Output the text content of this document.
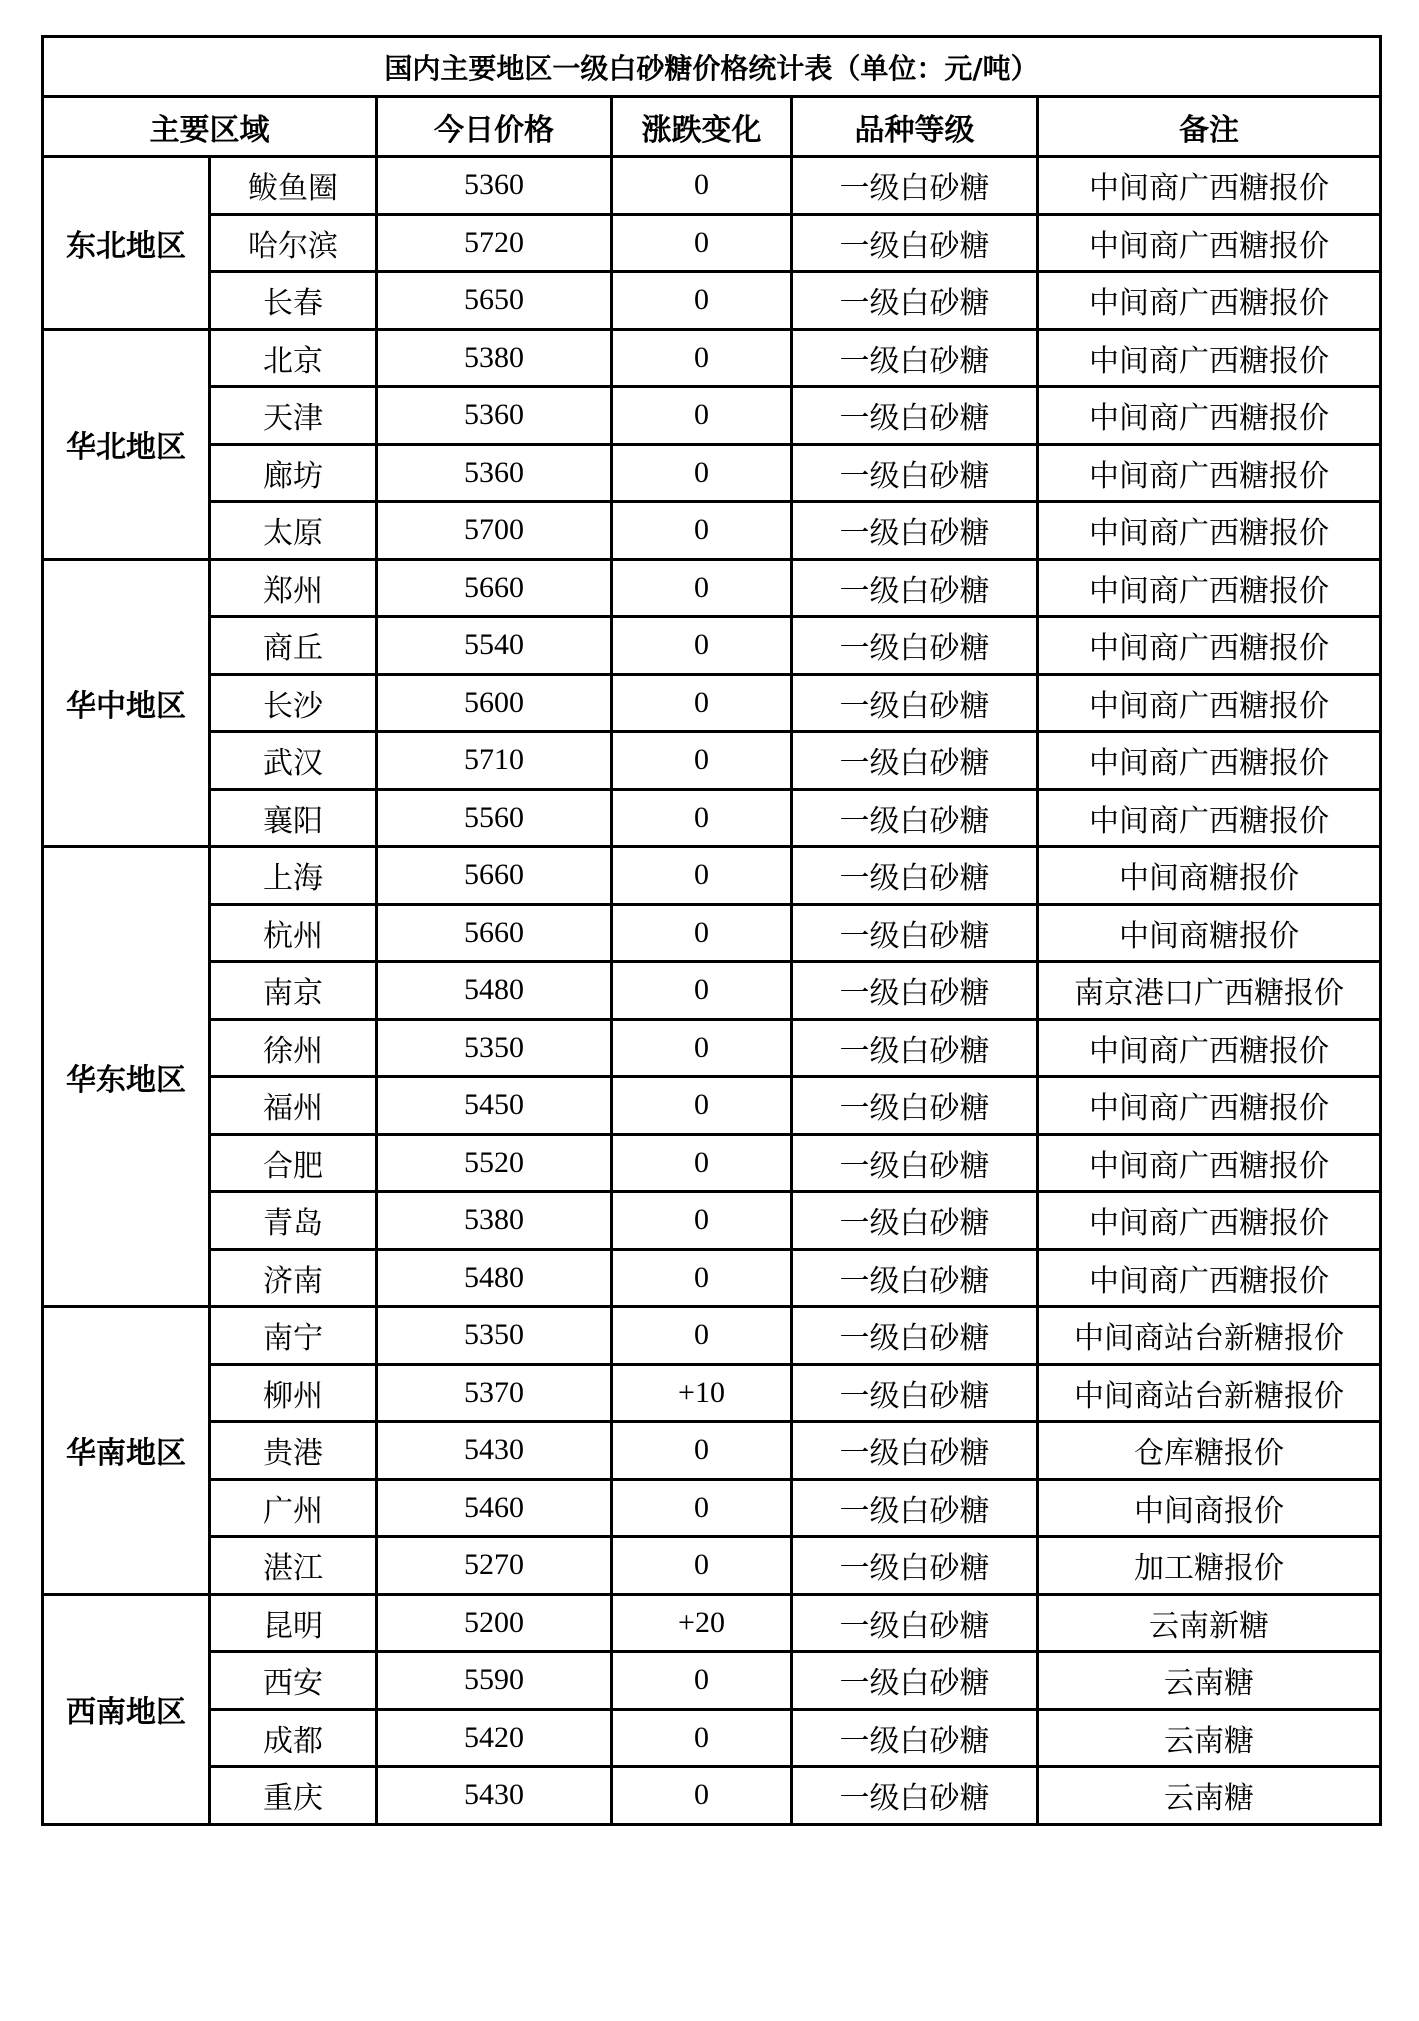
国内主要地区一级白砂糖价格统计表（单位：元/吨）					
主要区域		今日价格	涨跌变化	品种等级	备注
东北地区	鲅鱼圈	5360	0	一级白砂糖	中间商广西糖报价
	哈尔滨	5720	0	一级白砂糖	中间商广西糖报价
	长春	5650	0	一级白砂糖	中间商广西糖报价
华北地区	北京	5380	0	一级白砂糖	中间商广西糖报价
	天津	5360	0	一级白砂糖	中间商广西糖报价
	廊坊	5360	0	一级白砂糖	中间商广西糖报价
	太原	5700	0	一级白砂糖	中间商广西糖报价
华中地区	郑州	5660	0	一级白砂糖	中间商广西糖报价
	商丘	5540	0	一级白砂糖	中间商广西糖报价
	长沙	5600	0	一级白砂糖	中间商广西糖报价
	武汉	5710	0	一级白砂糖	中间商广西糖报价
	襄阳	5560	0	一级白砂糖	中间商广西糖报价
华东地区	上海	5660	0	一级白砂糖	中间商糖报价
	杭州	5660	0	一级白砂糖	中间商糖报价
	南京	5480	0	一级白砂糖	南京港口广西糖报价
	徐州	5350	0	一级白砂糖	中间商广西糖报价
	福州	5450	0	一级白砂糖	中间商广西糖报价
	合肥	5520	0	一级白砂糖	中间商广西糖报价
	青岛	5380	0	一级白砂糖	中间商广西糖报价
	济南	5480	0	一级白砂糖	中间商广西糖报价
华南地区	南宁	5350	0	一级白砂糖	中间商站台新糖报价
	柳州	5370	+10	一级白砂糖	中间商站台新糖报价
	贵港	5430	0	一级白砂糖	仓库糖报价
	广州	5460	0	一级白砂糖	中间商报价
	湛江	5270	0	一级白砂糖	加工糖报价
西南地区	昆明	5200	+20	一级白砂糖	云南新糖
	西安	5590	0	一级白砂糖	云南糖
	成都	5420	0	一级白砂糖	云南糖
	重庆	5430	0	一级白砂糖	云南糖
